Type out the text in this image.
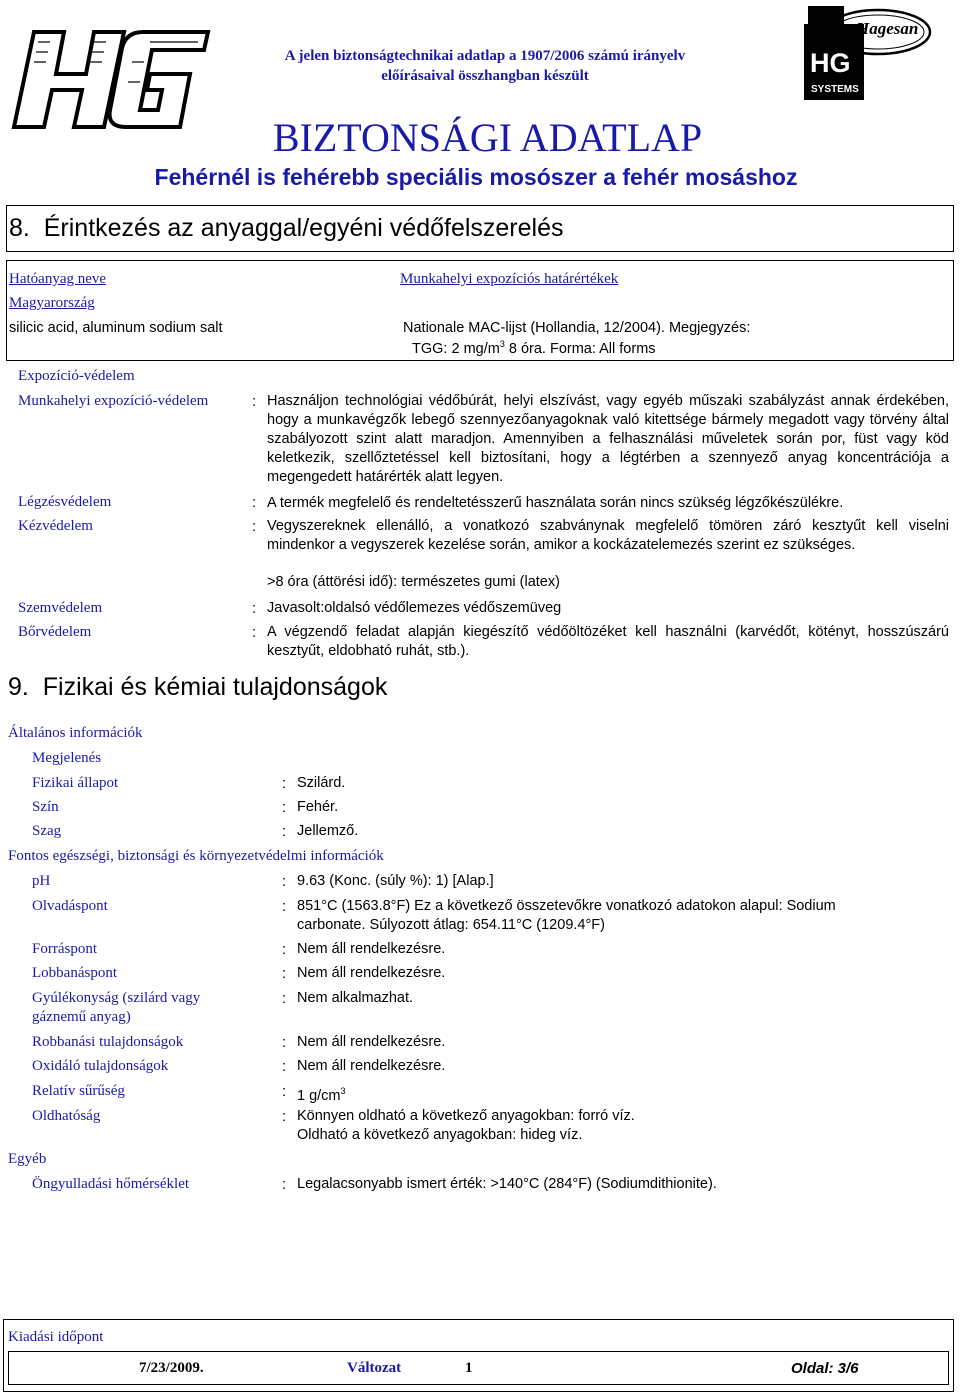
A jelen biztonságtechnikai adatlap a 1907/2006 számú irányelv
előírásaival összhangban készült
Hagesan
HG
SYSTEMS
BIZTONSÁGI ADATLAP
Fehérnél is fehérebb speciális mosószer a fehér mosáshoz
8.  Érintkezés az anyaggal/egyéni védőfelszerelés
Hatóanyag neve	Munkahelyi expozíciós határértékek
Magyarország
silicic acid, aluminum sodium salt	Nationale MAC-lijst (Hollandia, 12/2004). Megjegyzés:
TGG: 2 $mg/m^3$ 8 óra. Forma: All forms
Expozíció-védelem
Munkahelyi expozíció-védelem	: Használjon technológiai védőbúrát, helyi elszívást, vagy egyéb műszaki szabályzást annak érdekében, hogy a munkavégzők lebegő szennyezőanyagoknak való kitettsége bármely megadott vagy törvény által szabályozott szint alatt maradjon. Amennyiben a felhasználási műveletek során por, füst vagy köd keletkezik, szellőztetéssel kell biztosítani, hogy a légtérben a szennyező anyag koncentrációja a megengedett határérték alatt legyen.
Légzésvédelem	: A termék megfelelő és rendeltetésszerű használata során nincs szükség légzőkészülékre.
Kézvédelem	: Vegyszereknek ellenálló, a vonatkozó szabványnak megfelelő tömören záró kesztyűt kell viselni mindenkor a vegyszerek kezelése során, amikor a kockázatelemezés szerint ez szükséges.
>8 óra (áttörési idő): természetes gumi (latex)
Szemvédelem	: Javasolt:oldalsó védőlemezes védőszemüveg
Bőrvédelem	: A végzendő feladat alapján kiegészítő védőöltözéket kell használni (karvédőt, kötényt, hosszúszárú kesztyűt, eldobható ruhát, stb.).
9.  Fizikai és kémiai tulajdonságok
Általános információk
Megjelenés
Fizikai állapot	: Szilárd.
Szín	: Fehér.
Szag	: Jellemző.
Fontos egészségi, biztonsági és környezetvédelmi információk
pH	: 9.63 (Konc. (súly %): 1) [Alap.]
Olvadáspont	: 851°C (1563.8°F) Ez a következő összetevőkre vonatkozó adatokon alapul: Sodium
carbonate. Súlyozott átlag: 654.11°C (1209.4°F)
Forráspont	: Nem áll rendelkezésre.
Lobbanáspont	: Nem áll rendelkezésre.
Gyúlékonyság (szilárd vagy
gáznemű anyag)
: Nem alkalmazhat.
Robbanási tulajdonságok	: Nem áll rendelkezésre.
Oxidáló tulajdonságok	: Nem áll rendelkezésre.
Relatív sűrűség	: 1 $g/cm^3$
Oldhatóság	: Könnyen oldható a következő anyagokban: forró víz.
Oldható a következő anyagokban: hideg víz.
Egyéb
Öngyulladási hőmérséklet	: Legalacsonyabb ismert érték: >140°C (284°F) (Sodiumdithionite).
Kiadási időpont
7/23/2009.	Változat	1	Oldal: 3/6
